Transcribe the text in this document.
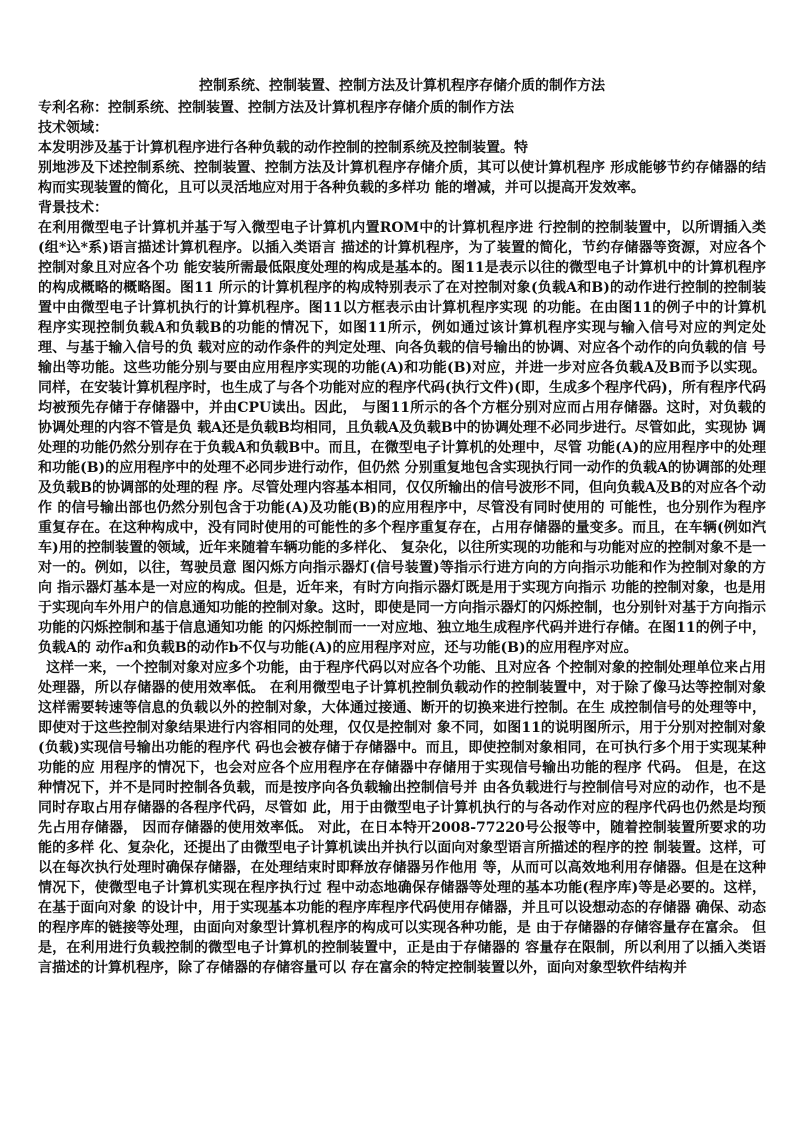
控制系统、控制装置、控制方法及计算机程序存储介质的制作方法

专利名称：控制系统、控制装置、控制方法及计算机程序存储介质的制作方法

技术领域：

本发明涉及基于计算机程序进行各种负载的动作控制的控制系统及控制装置。特

别地涉及下述控制系统、控制装置、控制方法及计算机程序存储介质，其可以使计算机程序 形成能够节约存储器的结构而实现装置的简化，且可以灵活地应对用于各种负载的多样功 能的增减，并可以提高开发效率。

背景技术：

在利用微型电子计算机并基于写入微型电子计算机内置ROM中的计算机程序进 行控制的控制装置中，以所谓插入类(组*込*系)语言描述计算机程序。以插入类语言 描述的计算机程序，为了装置的简化，节约存储器等资源，对应各个控制对象且对应各个功 能安装所需最低限度处理的构成是基本的。图11是表示以往的微型电子计算机中的计算机程序的构成概略的概略图。图11 所示的计算机程序的构成特别表示了在对控制对象(负载A和B)的动作进行控制的控制装置中由微型电子计算机执行的计算机程序。图11以方框表示由计算机程序实现 的功能。在由图11的例子中的计算机程序实现控制负载A和负载B的功能的情况下，如图11所示，例如通过该计算机程序实现与输入信号对应的判定处理、与基于输入信号的负 载对应的动作条件的判定处理、向各负载的信号输出的协调、对应各个动作的向负载的信 号输出等功能。这些功能分别与要由应用程序实现的功能(A)和功能(B)对应，并进一步对应各负载A及B而予以实现。同样，在安装计算机程序时，也生成了与各个功能对应的程序代码(执行文件)(即，生成多个程序代码)，所有程序代码均被预先存储于存储器中，并由CPU读出。因此， 与图11所示的各个方框分别对应而占用存储器。这时，对负载的协调处理的内容不管是负 载A还是负载B均相同，且负载A及负载B中的协调处理不必同步进行。尽管如此，实现协 调处理的功能仍然分别存在于负载A和负载B中。而且，在微型电子计算机的处理中，尽管 功能(A)的应用程序中的处理和功能(B)的应用程序中的处理不必同步进行动作，但仍然 分别重复地包含实现执行同一动作的负载A的协调部的处理及负载B的协调部的处理的程 序。尽管处理内容基本相同，仅仅所输出的信号波形不同，但向负载A及B的对应各个动作 的信号输出部也仍然分别包含于功能(A)及功能(B)的应用程序中，尽管没有同时使用的 可能性，也分别作为程序重复存在。在这种构成中，没有同时使用的可能性的多个程序重复存在，占用存储器的量变多。而且，在车辆(例如汽车)用的控制装置的领域，近年来随着车辆功能的多样化、 复杂化，以往所实现的功能和与功能对应的控制对象不是一对一的。例如，以往，驾驶员意 图闪烁方向指示器灯(信号装置)等指示行进方向的方向指示功能和作为控制对象的方向 指示器灯基本是一对应的构成。但是，近年来，有时方向指示器灯既是用于实现方向指示 功能的控制对象，也是用于实现向车外用户的信息通知功能的控制对象。这时，即使是同一方向指示器灯的闪烁控制，也分别针对基于方向指示功能的闪烁控制和基于信息通知功能 的闪烁控制而一一对应地、独立地生成程序代码并进行存储。在图11的例子中，负载A的 动作a和负载B的动作b不仅与功能(A)的应用程序对应，还与功能(B)的应用程序对应。

这样一来，一个控制对象对应多个功能，由于程序代码以对应各个功能、且对应各 个控制对象的控制处理单位来占用处理器，所以存储器的使用效率低。 在利用微型电子计算机控制负载动作的控制装置中，对于除了像马达等控制对象 这样需要转速等信息的负载以外的控制对象，大体通过接通、断开的切换来进行控制。在生 成控制信号的处理等中，即使对于这些控制对象结果进行内容相同的处理，仅仅是控制对 象不同，如图11的说明图所示，用于分别对控制对象(负载)实现信号输出功能的程序代 码也会被存储于存储器中。而且，即使控制对象相同，在可执行多个用于实现某种功能的应 用程序的情况下，也会对应各个应用程序在存储器中存储用于实现信号输出功能的程序 代码。 但是，在这种情况下，并不是同时控制各负载，而是按序向各负载输出控制信号并 由各负载进行与控制信号对应的动作，也不是同时存取占用存储器的各程序代码，尽管如 此，用于由微型电子计算机执行的与各动作对应的程序代码也仍然是均预先占用存储器， 因而存储器的使用效率低。 对此，在日本特开2008-77220号公报等中，随着控制装置所要求的功能的多样 化、复杂化，还提出了由微型电子计算机读出并执行以面向对象型语言所描述的程序的控 制装置。这样，可以在每次执行处理时确保存储器，在处理结束时即释放存储器另作他用 等，从而可以高效地利用存储器。但是在这种情况下，使微型电子计算机实现在程序执行过 程中动态地确保存储器等处理的基本功能(程序库)等是必要的。这样，在基于面向对象 的设计中，用于实现基本功能的程序库程序代码使用存储器，并且可以设想动态的存储器 确保、动态的程序库的链接等处理，由面向对象型计算机程序的构成可以实现各种功能，是 由于存储器的存储容量存在富余。 但是，在利用进行负载控制的微型电子计算机的控制装置中，正是由于存储器的 容量存在限制，所以利用了以插入类语言描述的计算机程序，除了存储器的存储容量可以 存在富余的特定控制装置以外，面向对象型软件结构并
